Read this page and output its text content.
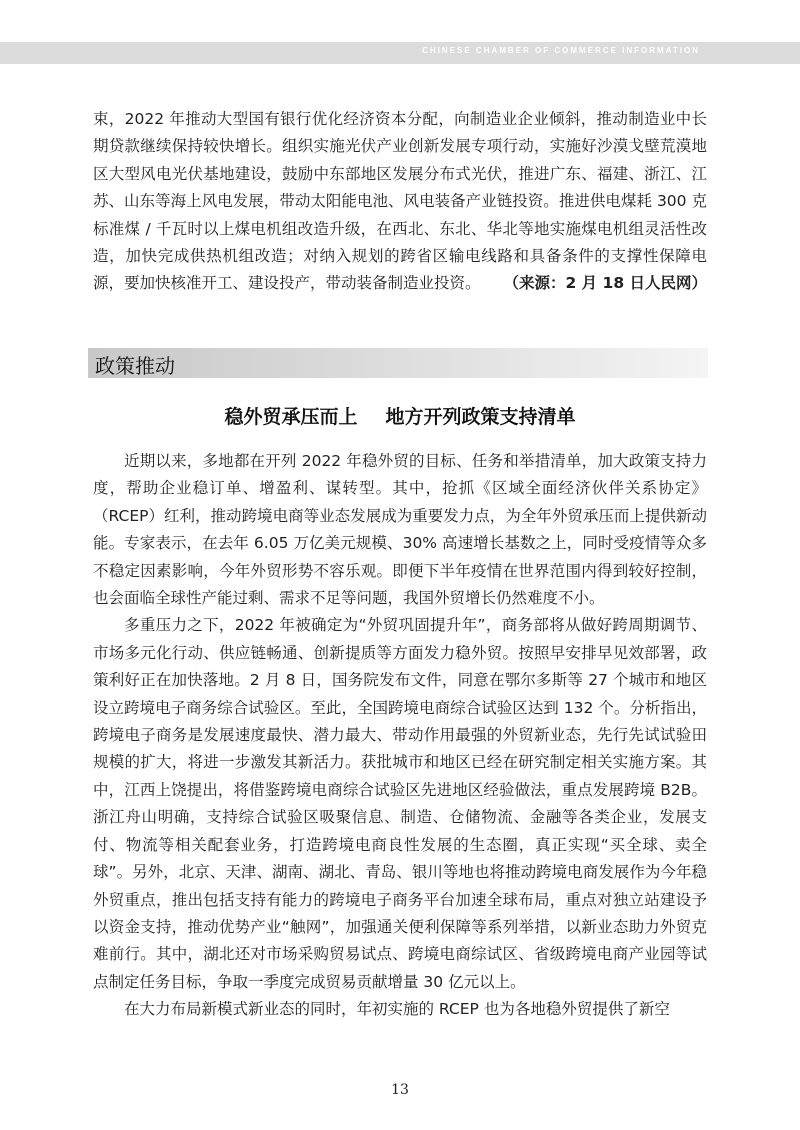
CHINESE CHAMBER OF COMMERCE INFORMATION

束，2022 年推动大型国有银行优化经济资本分配，向制造业企业倾斜，推动制造业中长期贷款继续保持较快增长。组织实施光伏产业创新发展专项行动，实施好沙漠戈壁荒漠地区大型风电光伏基地建设，鼓励中东部地区发展分布式光伏，推进广东、福建、浙江、江苏、山东等海上风电发展，带动太阳能电池、风电装备产业链投资。推进供电煤耗 300 克标准煤 / 千瓦时以上煤电机组改造升级，在西北、东北、华北等地实施煤电机组灵活性改造，加快完成供热机组改造；对纳入规划的跨省区输电线路和具备条件的支撑性保障电源，要加快核准开工、建设投产，带动装备制造业投资。	（来源：2 月 18 日人民网）

政策推动
稳外贸承压而上 地方开列政策支持清单

近期以来，多地都在开列 2022 年稳外贸的目标、任务和举措清单，加大政策支持力度，帮助企业稳订单、增盈利、谋转型。其中，抢抓《区域全面经济伙伴关系协定》（RCEP）红利，推动跨境电商等业态发展成为重要发力点，为全年外贸承压而上提供新动能。专家表示，在去年 6.05 万亿美元规模、30% 高速增长基数之上，同时受疫情等众多不稳定因素影响，今年外贸形势不容乐观。即便下半年疫情在世界范围内得到较好控制，也会面临全球性产能过剩、需求不足等问题，我国外贸增长仍然难度不小。

多重压力之下，2022 年被确定为“外贸巩固提升年”，商务部将从做好跨周期调节、市场多元化行动、供应链畅通、创新提质等方面发力稳外贸。按照早安排早见效部署，政策利好正在加快落地。2 月 8 日，国务院发布文件，同意在鄂尔多斯等 27 个城市和地区设立跨境电子商务综合试验区。至此，全国跨境电商综合试验区达到 132 个。分析指出，跨境电子商务是发展速度最快、潜力最大、带动作用最强的外贸新业态，先行先试试验田规模的扩大，将进一步激发其新活力。获批城市和地区已经在研究制定相关实施方案。其中，江西上饶提出，将借鉴跨境电商综合试验区先进地区经验做法，重点发展跨境 B2B。浙江舟山明确，支持综合试验区吸聚信息、制造、仓储物流、金融等各类企业，发展支付、物流等相关配套业务，打造跨境电商良性发展的生态圈，真正实现“买全球、卖全球”。另外，北京、天津、湖南、湖北、青岛、银川等地也将推动跨境电商发展作为今年稳外贸重点，推出包括支持有能力的跨境电子商务平台加速全球布局，重点对独立站建设予以资金支持，推动优势产业“触网”，加强通关便利保障等系列举措，以新业态助力外贸克难前行。其中，湖北还对市场采购贸易试点、跨境电商综试区、省级跨境电商产业园等试点制定任务目标，争取一季度完成贸易贡献增量 30 亿元以上。

在大力布局新模式新业态的同时，年初实施的 RCEP 也为各地稳外贸提供了新空

13
